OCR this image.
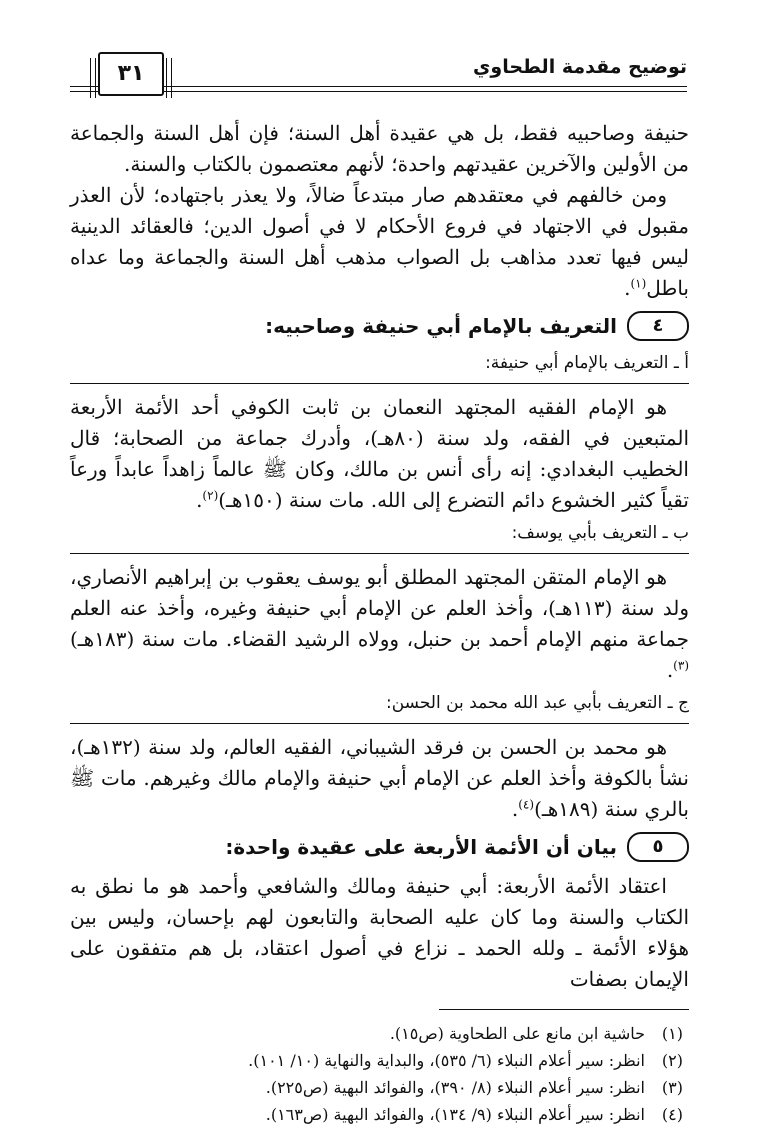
توضيح مقدمة الطحاوي
٣١

حنيفة وصاحبيه فقط، بل هي عقيدة أهل السنة؛ فإن أهل السنة والجماعة من الأولين والآخرين عقيدتهم واحدة؛ لأنهم معتصمون بالكتاب والسنة.

ومن خالفهم في معتقدهم صار مبتدعاً ضالاً، ولا يعذر باجتهاده؛ لأن العذر مقبول في الاجتهاد في فروع الأحكام لا في أصول الدين؛ فالعقائد الدينية ليس فيها تعدد مذاهب بل الصواب مذهب أهل السنة والجماعة وما عداه باطل$^{(١)}$.

٤
التعريف بالإمام أبي حنيفة وصاحبيه:
أ ـ التعريف بالإمام أبي حنيفة:

هو الإمام الفقيه المجتهد النعمان بن ثابت الكوفي أحد الأئمة الأربعة المتبعين في الفقه، ولد سنة (٨٠هـ)، وأدرك جماعة من الصحابة؛ قال الخطيب البغدادي: إنه رأى أنس بن مالك، وكان ﷺ عالماً زاهداً عابداً ورعاً تقياً كثير الخشوع دائم التضرع إلى الله. مات سنة (١٥٠هـ)$^{(٢)}$.

ب ـ التعريف بأبي يوسف:

هو الإمام المتقن المجتهد المطلق أبو يوسف يعقوب بن إبراهيم الأنصاري، ولد سنة (١١٣هـ)، وأخذ العلم عن الإمام أبي حنيفة وغيره، وأخذ عنه العلم جماعة منهم الإمام أحمد بن حنبل، وولاه الرشيد القضاء. مات سنة (١٨٣هـ)$^{(٣)}$.

ج ـ التعريف بأبي عبد الله محمد بن الحسن:

هو محمد بن الحسن بن فرقد الشيباني، الفقيه العالم، ولد سنة (١٣٢هـ)، نشأ بالكوفة وأخذ العلم عن الإمام أبي حنيفة والإمام مالك وغيرهم. مات ﷺ بالري سنة (١٨٩هـ)$^{(٤)}$.

٥
بيان أن الأئمة الأربعة على عقيدة واحدة:

اعتقاد الأئمة الأربعة: أبي حنيفة ومالك والشافعي وأحمد هو ما نطق به الكتاب والسنة وما كان عليه الصحابة والتابعون لهم بإحسان، وليس بين هؤلاء الأئمة ـ ولله الحمد ـ نزاع في أصول اعتقاد، بل هم متفقون على الإيمان بصفات

(١)
حاشية ابن مانع على الطحاوية (ص١٥).
(٢)
انظر: سير أعلام النبلاء (٦/ ٥٣٥)، والبداية والنهاية (١٠/ ١٠١).
(٣)
انظر: سير أعلام النبلاء (٨/ ٣٩٠)، والفوائد البهية (ص٢٢٥).
(٤)
انظر: سير أعلام النبلاء (٩/ ١٣٤)، والفوائد البهية (ص١٦٣).
